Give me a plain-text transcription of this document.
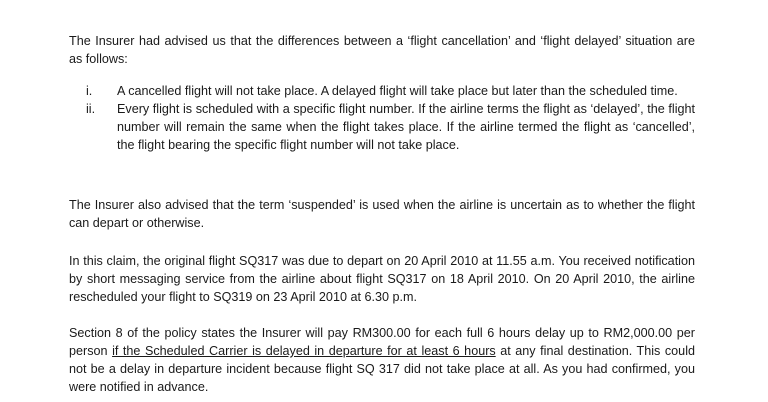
The Insurer had advised us that the differences between a ‘flight cancellation’ and ‘flight delayed’ situation are as follows:

i.	A cancelled flight will not take place. A delayed flight will take place but later than the scheduled time.
ii.	Every flight is scheduled with a specific flight number. If the airline terms the flight as ‘delayed’, the flight number will remain the same when the flight takes place. If the airline termed the flight as ‘cancelled’, the flight bearing the specific flight number will not take place.

The Insurer also advised that the term ‘suspended’ is used when the airline is uncertain as to whether the flight can depart or otherwise.

In this claim, the original flight SQ317 was due to depart on 20 April 2010 at 11.55 a.m. You received notification by short messaging service from the airline about flight SQ317 on 18 April 2010. On 20 April 2010, the airline rescheduled your flight to SQ319 on 23 April 2010 at 6.30 p.m.

Section 8 of the policy states the Insurer will pay RM300.00 for each full 6 hours delay up to RM2,000.00 per person if the Scheduled Carrier is delayed in departure for at least 6 hours at any final destination. This could not be a delay in departure incident because flight SQ 317 did not take place at all. As you had confirmed, you were notified in advance.
